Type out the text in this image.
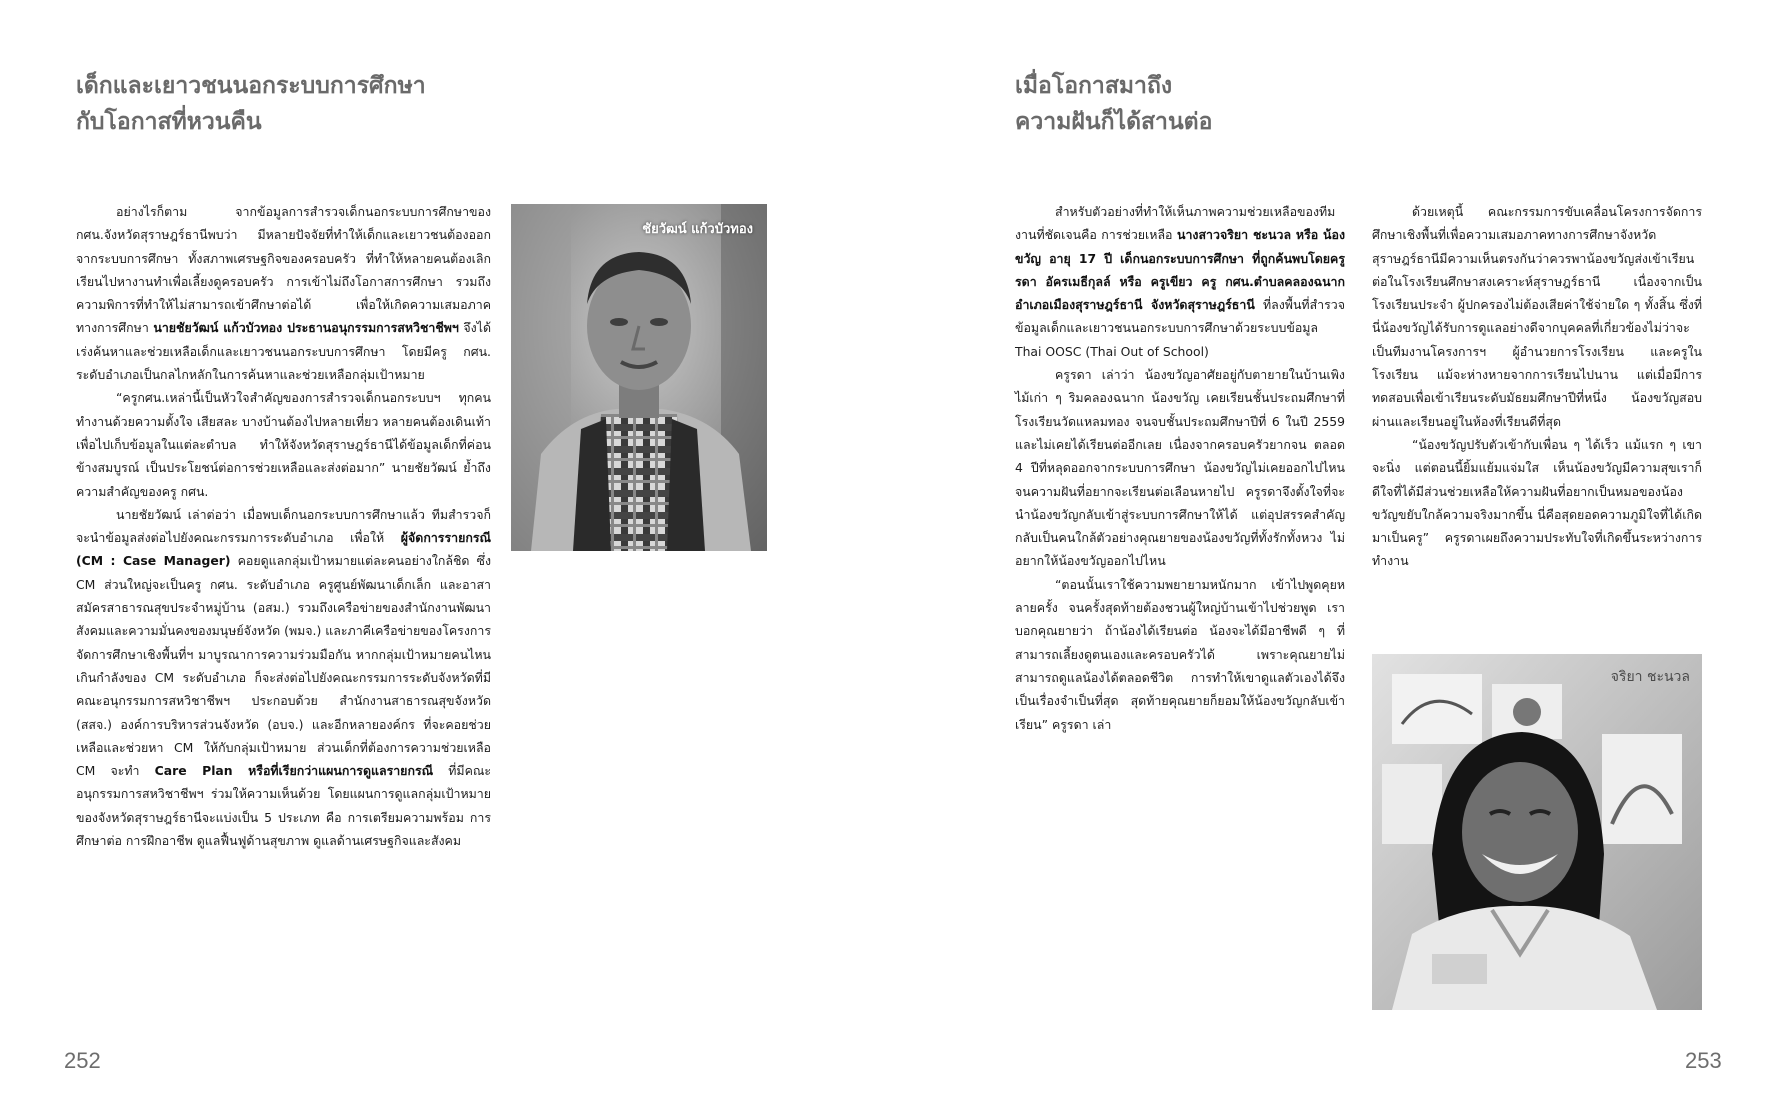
เด็กและเยาวชนนอกระบบการศึกษา
กับโอกาสที่หวนคืน

อย่างไรก็ตาม จากข้อมูลการสำรวจเด็กนอกระบบการศึกษาของ กศน.จังหวัดสุราษฎร์ธานีพบว่า มีหลายปัจจัยที่ทำให้เด็กและเยาวชนต้องออกจากระบบการศึกษา ทั้งสภาพเศรษฐกิจของครอบครัว ที่ทำให้หลายคนต้องเลิกเรียนไปหางานทำเพื่อเลี้ยงดูครอบครัว การเข้าไม่ถึงโอกาสการศึกษา รวมถึงความพิการที่ทำให้ไม่สามารถเข้าศึกษาต่อได้ เพื่อให้เกิดความเสมอภาคทางการศึกษา นายชัยวัฒน์ แก้วบัวทอง ประธานอนุกรรมการสหวิชาชีพฯ จึงได้เร่งค้นหาและช่วยเหลือเด็กและเยาวชนนอกระบบการศึกษา โดยมีครู กศน. ระดับอำเภอเป็นกลไกหลักในการค้นหาและช่วยเหลือกลุ่มเป้าหมาย

“ครูกศน.เหล่านี้เป็นหัวใจสำคัญของการสำรวจเด็กนอกระบบฯ ทุกคนทำงานด้วยความตั้งใจ เสียสละ บางบ้านต้องไปหลายเที่ยว หลายคนต้องเดินเท้าเพื่อไปเก็บข้อมูลในแต่ละตำบล ทำให้จังหวัดสุราษฎร์ธานีได้ข้อมูลเด็กที่ค่อนข้างสมบูรณ์ เป็นประโยชน์ต่อการช่วยเหลือและส่งต่อมาก” นายชัยวัฒน์ ย้ำถึงความสำคัญของครู กศน.

นายชัยวัฒน์ เล่าต่อว่า เมื่อพบเด็กนอกระบบการศึกษาแล้ว ทีมสำรวจก็จะนำข้อมูลส่งต่อไปยังคณะกรรมการระดับอำเภอ เพื่อให้ ผู้จัดการรายกรณี (CM : Case Manager) คอยดูแลกลุ่มเป้าหมายแต่ละคนอย่างใกล้ชิด ซึ่ง CM ส่วนใหญ่จะเป็นครู กศน. ระดับอำเภอ ครูศูนย์พัฒนาเด็กเล็ก และอาสาสมัครสาธารณสุขประจำหมู่บ้าน (อสม.) รวมถึงเครือข่ายของสำนักงานพัฒนาสังคมและความมั่นคงของมนุษย์จังหวัด (พมจ.) และภาคีเครือข่ายของโครงการจัดการศึกษาเชิงพื้นที่ฯ มาบูรณาการความร่วมมือกัน หากกลุ่มเป้าหมายคนไหนเกินกำลังของ CM ระดับอำเภอ ก็จะส่งต่อไปยังคณะกรรมการระดับจังหวัดที่มีคณะอนุกรรมการสหวิชาชีพฯ ประกอบด้วย สำนักงานสาธารณสุขจังหวัด (สสจ.) องค์การบริหารส่วนจังหวัด (อบจ.) และอีกหลายองค์กร ที่จะคอยช่วยเหลือและช่วยหา CM ให้กับกลุ่มเป้าหมาย ส่วนเด็กที่ต้องการความช่วยเหลือ CM จะทำ Care Plan หรือที่เรียกว่าแผนการดูแลรายกรณี ที่มีคณะอนุกรรมการสหวิชาชีพฯ ร่วมให้ความเห็นด้วย โดยแผนการดูแลกลุ่มเป้าหมายของจังหวัดสุราษฎร์ธานีจะแบ่งเป็น 5 ประเภท คือ การเตรียมความพร้อม การศึกษาต่อ การฝึกอาชีพ ดูแลฟื้นฟูด้านสุขภาพ ดูแลด้านเศรษฐกิจและสังคม

ชัยวัฒน์ แก้วบัวทอง
252
เมื่อโอกาสมาถึง
ความฝันก็ได้สานต่อ

สำหรับตัวอย่างที่ทำให้เห็นภาพความช่วยเหลือของทีมงานที่ชัดเจนคือ การช่วยเหลือ นางสาวจริยา ชะนวล หรือ น้องขวัญ อายุ 17 ปี เด็กนอกระบบการศึกษา ที่ถูกค้นพบโดยครูรดา อัครเมธีกุลล์ หรือ ครูเขียว ครู กศน.ตำบลคลองฉนาก อำเภอเมืองสุราษฎร์ธานี จังหวัดสุราษฎร์ธานี ที่ลงพื้นที่สำรวจข้อมูลเด็กและเยาวชนนอกระบบการศึกษาด้วยระบบข้อมูล Thai OOSC (Thai Out of School)

ครูรดา เล่าว่า น้องขวัญอาศัยอยู่กับตายายในบ้านเพิงไม้เก่า ๆ ริมคลองฉนาก น้องขวัญ เคยเรียนชั้นประถมศึกษาที่โรงเรียนวัดแหลมทอง จนจบชั้นประถมศึกษาปีที่ 6 ในปี 2559 และไม่เคยได้เรียนต่ออีกเลย เนื่องจากครอบครัวยากจน ตลอด 4 ปีที่หลุดออกจากระบบการศึกษา น้องขวัญไม่เคยออกไปไหน จนความฝันที่อยากจะเรียนต่อเลือนหายไป ครูรดาจึงตั้งใจที่จะนำน้องขวัญกลับเข้าสู่ระบบการศึกษาให้ได้ แต่อุปสรรคสำคัญกลับเป็นคนใกล้ตัวอย่างคุณยายของน้องขวัญที่ทั้งรักทั้งหวง ไม่อยากให้น้องขวัญออกไปไหน

“ตอนนั้นเราใช้ความพยายามหนักมาก เข้าไปพูดคุยหลายครั้ง จนครั้งสุดท้ายต้องชวนผู้ใหญ่บ้านเข้าไปช่วยพูด เราบอกคุณยายว่า ถ้าน้องได้เรียนต่อ น้องจะได้มีอาชีพดี ๆ ที่สามารถเลี้ยงดูตนเองและครอบครัวได้ เพราะคุณยายไม่สามารถดูแลน้องได้ตลอดชีวิต การทำให้เขาดูแลตัวเองได้จึงเป็นเรื่องจำเป็นที่สุด สุดท้ายคุณยายก็ยอมให้น้องขวัญกลับเข้าเรียน” ครูรดา เล่า

ด้วยเหตุนี้ คณะกรรมการขับเคลื่อนโครงการจัดการศึกษาเชิงพื้นที่เพื่อความเสมอภาคทางการศึกษาจังหวัดสุราษฎร์ธานีมีความเห็นตรงกันว่าควรพาน้องขวัญส่งเข้าเรียนต่อในโรงเรียนศึกษาสงเคราะห์สุราษฎร์ธานี เนื่องจากเป็นโรงเรียนประจำ ผู้ปกครองไม่ต้องเสียค่าใช้จ่ายใด ๆ ทั้งสิ้น ซึ่งที่นี่น้องขวัญได้รับการดูแลอย่างดีจากบุคคลที่เกี่ยวข้องไม่ว่าจะเป็นทีมงานโครงการฯ ผู้อำนวยการโรงเรียน และครูในโรงเรียน แม้จะห่างหายจากการเรียนไปนาน แต่เมื่อมีการทดสอบเพื่อเข้าเรียนระดับมัธยมศึกษาปีที่หนึ่ง น้องขวัญสอบผ่านและเรียนอยู่ในห้องที่เรียนดีที่สุด

“น้องขวัญปรับตัวเข้ากับเพื่อน ๆ ได้เร็ว แม้แรก ๆ เขาจะนิ่ง แต่ตอนนี้ยิ้มแย้มแจ่มใส เห็นน้องขวัญมีความสุขเราก็ดีใจที่ได้มีส่วนช่วยเหลือให้ความฝันที่อยากเป็นหมอของน้องขวัญขยับใกล้ความจริงมากขึ้น นี่คือสุดยอดความภูมิใจที่ได้เกิดมาเป็นครู” ครูรดาเผยถึงความประทับใจที่เกิดขึ้นระหว่างการทำงาน

จริยา ชะนวล
253
